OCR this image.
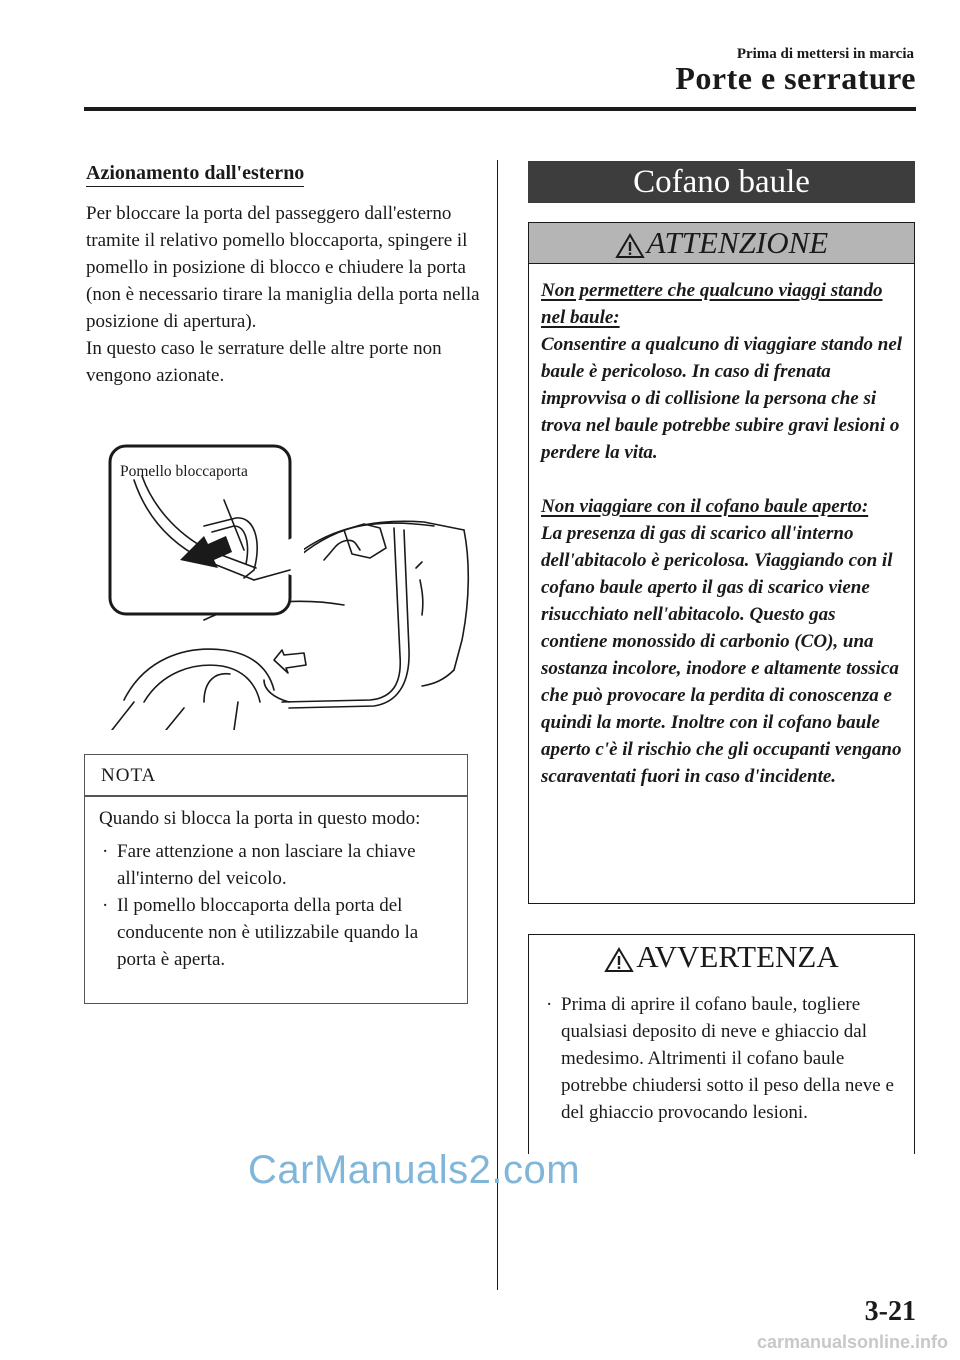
Prima di mettersi in marcia
Porte e serrature
Azionamento dall'esterno

Per bloccare la porta del passeggero dall'esterno tramite il relativo pomello bloccaporta, spingere il pomello in posizione di blocco e chiudere la porta (non è necessario tirare la maniglia della porta nella posizione di apertura).

In questo caso le serrature delle altre porte non vengono azionate.

Pomello bloccaporta
NOTA

Quando si blocca la porta in questo modo:

· Fare attenzione a non lasciare la chiave all'interno del veicolo.
· Il pomello bloccaporta della porta del conducente non è utilizzabile quando la porta è aperta.
Cofano baule
ATTENZIONE

Non permettere che qualcuno viaggi stando nel baule:

Consentire a qualcuno di viaggiare stando nel baule è pericoloso. In caso di frenata improvvisa o di collisione la persona che si trova nel baule potrebbe subire gravi lesioni o perdere la vita.

Non viaggiare con il cofano baule aperto:

La presenza di gas di scarico all'interno dell'abitacolo è pericolosa. Viaggiando con il cofano baule aperto il gas di scarico viene risucchiato nell'abitacolo. Questo gas contiene monossido di carbonio (CO), una sostanza incolore, inodore e altamente tossica che può provocare la perdita di conoscenza e quindi la morte. Inoltre con il cofano baule aperto c'è il rischio che gli occupanti vengano scaraventati fuori in caso d'incidente.

AVVERTENZA
· Prima di aprire il cofano baule, togliere qualsiasi deposito di neve e ghiaccio dal medesimo. Altrimenti il cofano baule potrebbe chiudersi sotto il peso della neve e del ghiaccio provocando lesioni.
CarManuals2.com
3-21
carmanualsonline.info
